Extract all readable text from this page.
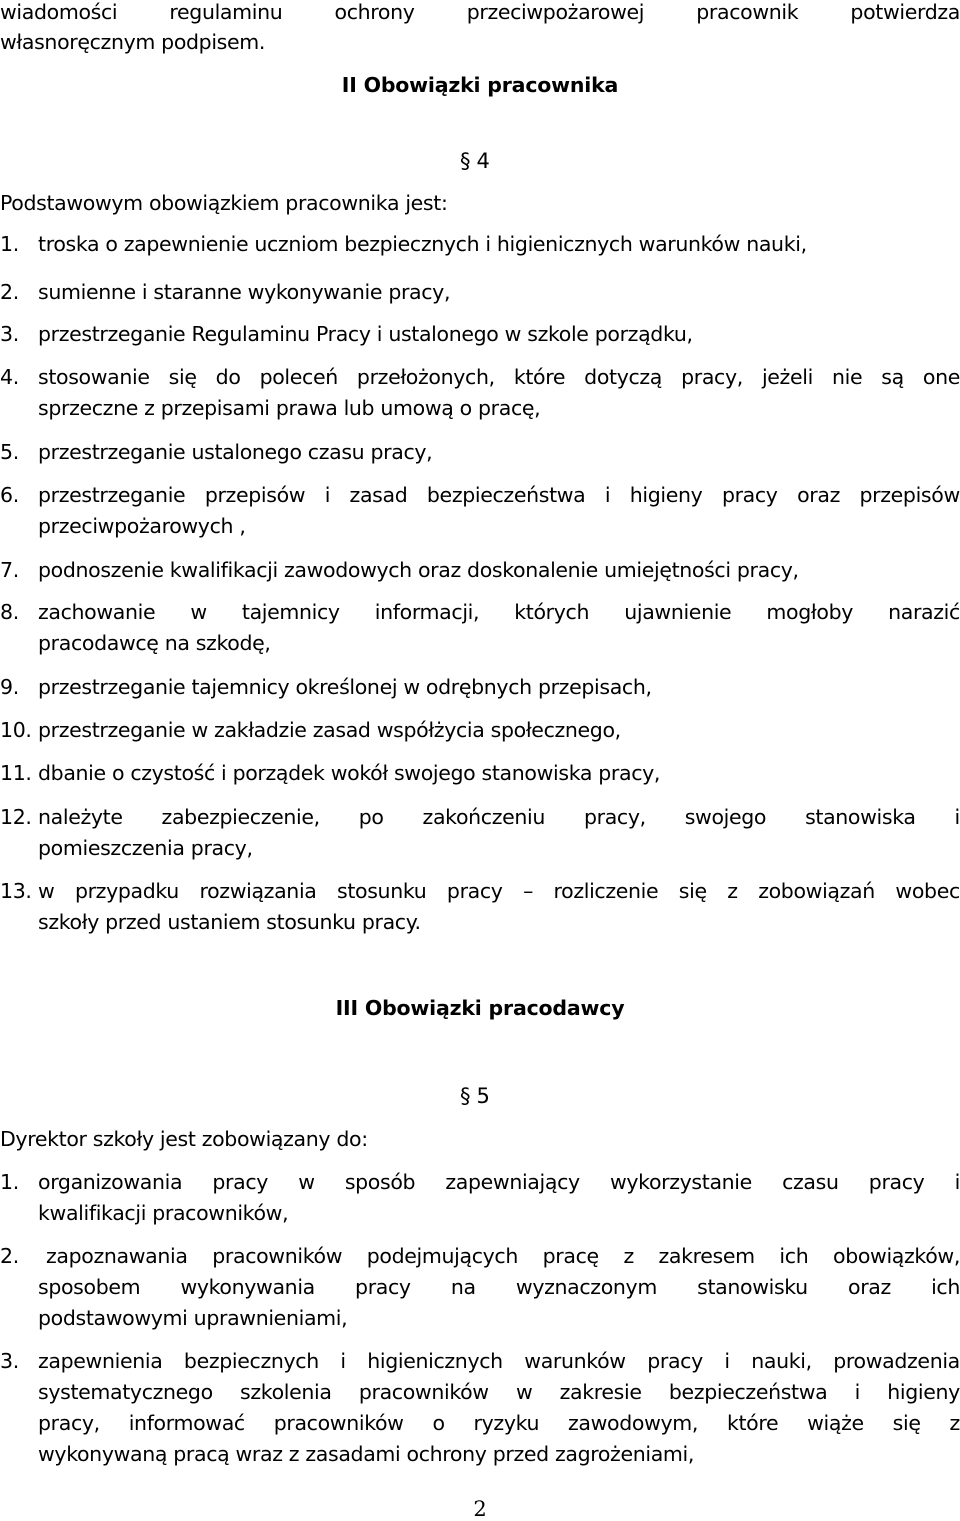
wiadomości	regulaminu	ochrony	przeciwpożarowej	pracownik	potwierdza
własnoręcznym podpisem.
II Obowiązki pracownika
§ 4
Podstawowym obowiązkiem pracownika jest:
1. troska o zapewnienie uczniom bezpiecznych i higienicznych warunków nauki,
2. sumienne i staranne wykonywanie pracy,
3. przestrzeganie Regulaminu Pracy i ustalonego w szkole porządku,
4. stosowanie się do poleceń przełożonych, które dotyczą pracy, jeżeli nie są one
sprzeczne z przepisami prawa lub umową o pracę,
5. przestrzeganie ustalonego czasu pracy,
6. przestrzeganie przepisów i zasad bezpieczeństwa i higieny pracy oraz przepisów
przeciwpożarowych ,
7. podnoszenie kwalifikacji zawodowych oraz doskonalenie umiejętności pracy,
8. zachowanie w tajemnicy informacji, których ujawnienie mogłoby narazić
pracodawcę na szkodę,
9. przestrzeganie tajemnicy określonej w odrębnych przepisach,
10. przestrzeganie w zakładzie zasad współżycia społecznego,
11. dbanie o czystość i porządek wokół swojego stanowiska pracy,
12. należyte zabezpieczenie, po zakończeniu pracy, swojego stanowiska i
pomieszczenia pracy,
13. w przypadku rozwiązania stosunku pracy – rozliczenie się z zobowiązań wobec
szkoły przed ustaniem stosunku pracy.
III Obowiązki pracodawcy
§ 5
Dyrektor szkoły jest zobowiązany do:
1. organizowania pracy w sposób zapewniający wykorzystanie czasu pracy i
kwalifikacji pracowników,
2. zapoznawania pracowników podejmujących pracę z zakresem ich obowiązków,
sposobem wykonywania pracy na wyznaczonym stanowisku oraz ich
podstawowymi uprawnieniami,
3. zapewnienia bezpiecznych i higienicznych warunków pracy i nauki, prowadzenia
systematycznego szkolenia pracowników w zakresie bezpieczeństwa i higieny
pracy, informować pracowników o ryzyku zawodowym, które wiąże się z
wykonywaną pracą wraz z zasadami ochrony przed zagrożeniami,
2
